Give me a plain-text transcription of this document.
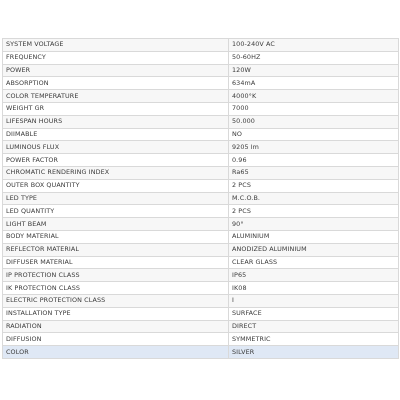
SYSTEM VOLTAGE	100-240V AC
FREQUENCY	50-60HZ
POWER	120W
ABSORPTION	634mA
COLOR TEMPERATURE	4000°K
WEIGHT GR	7000
LIFESPAN HOURS	50.000
DIIMABLE	NO
LUMINOUS FLUX	9205 lm
POWER FACTOR	0.96
CHROMATIC RENDERING INDEX	Ra65
OUTER BOX QUANTITY	2 PCS
LED TYPE	M.C.O.B.
LED QUANTITY	2 PCS
LIGHT BEAM	90°
BODY MATERIAL	ALUMINIUM
REFLECTOR MATERIAL	ANODIZED ALUMINIUM
DIFFUSER MATERIAL	CLEAR GLASS
IP PROTECTION CLASS	IP65
IK PROTECTION CLASS	IK08
ELECTRIC PROTECTION CLASS	I
INSTALLATION TYPE	SURFACE
RADIATION	DIRECT
DIFFUSION	SYMMETRIC
COLOR	SILVER
